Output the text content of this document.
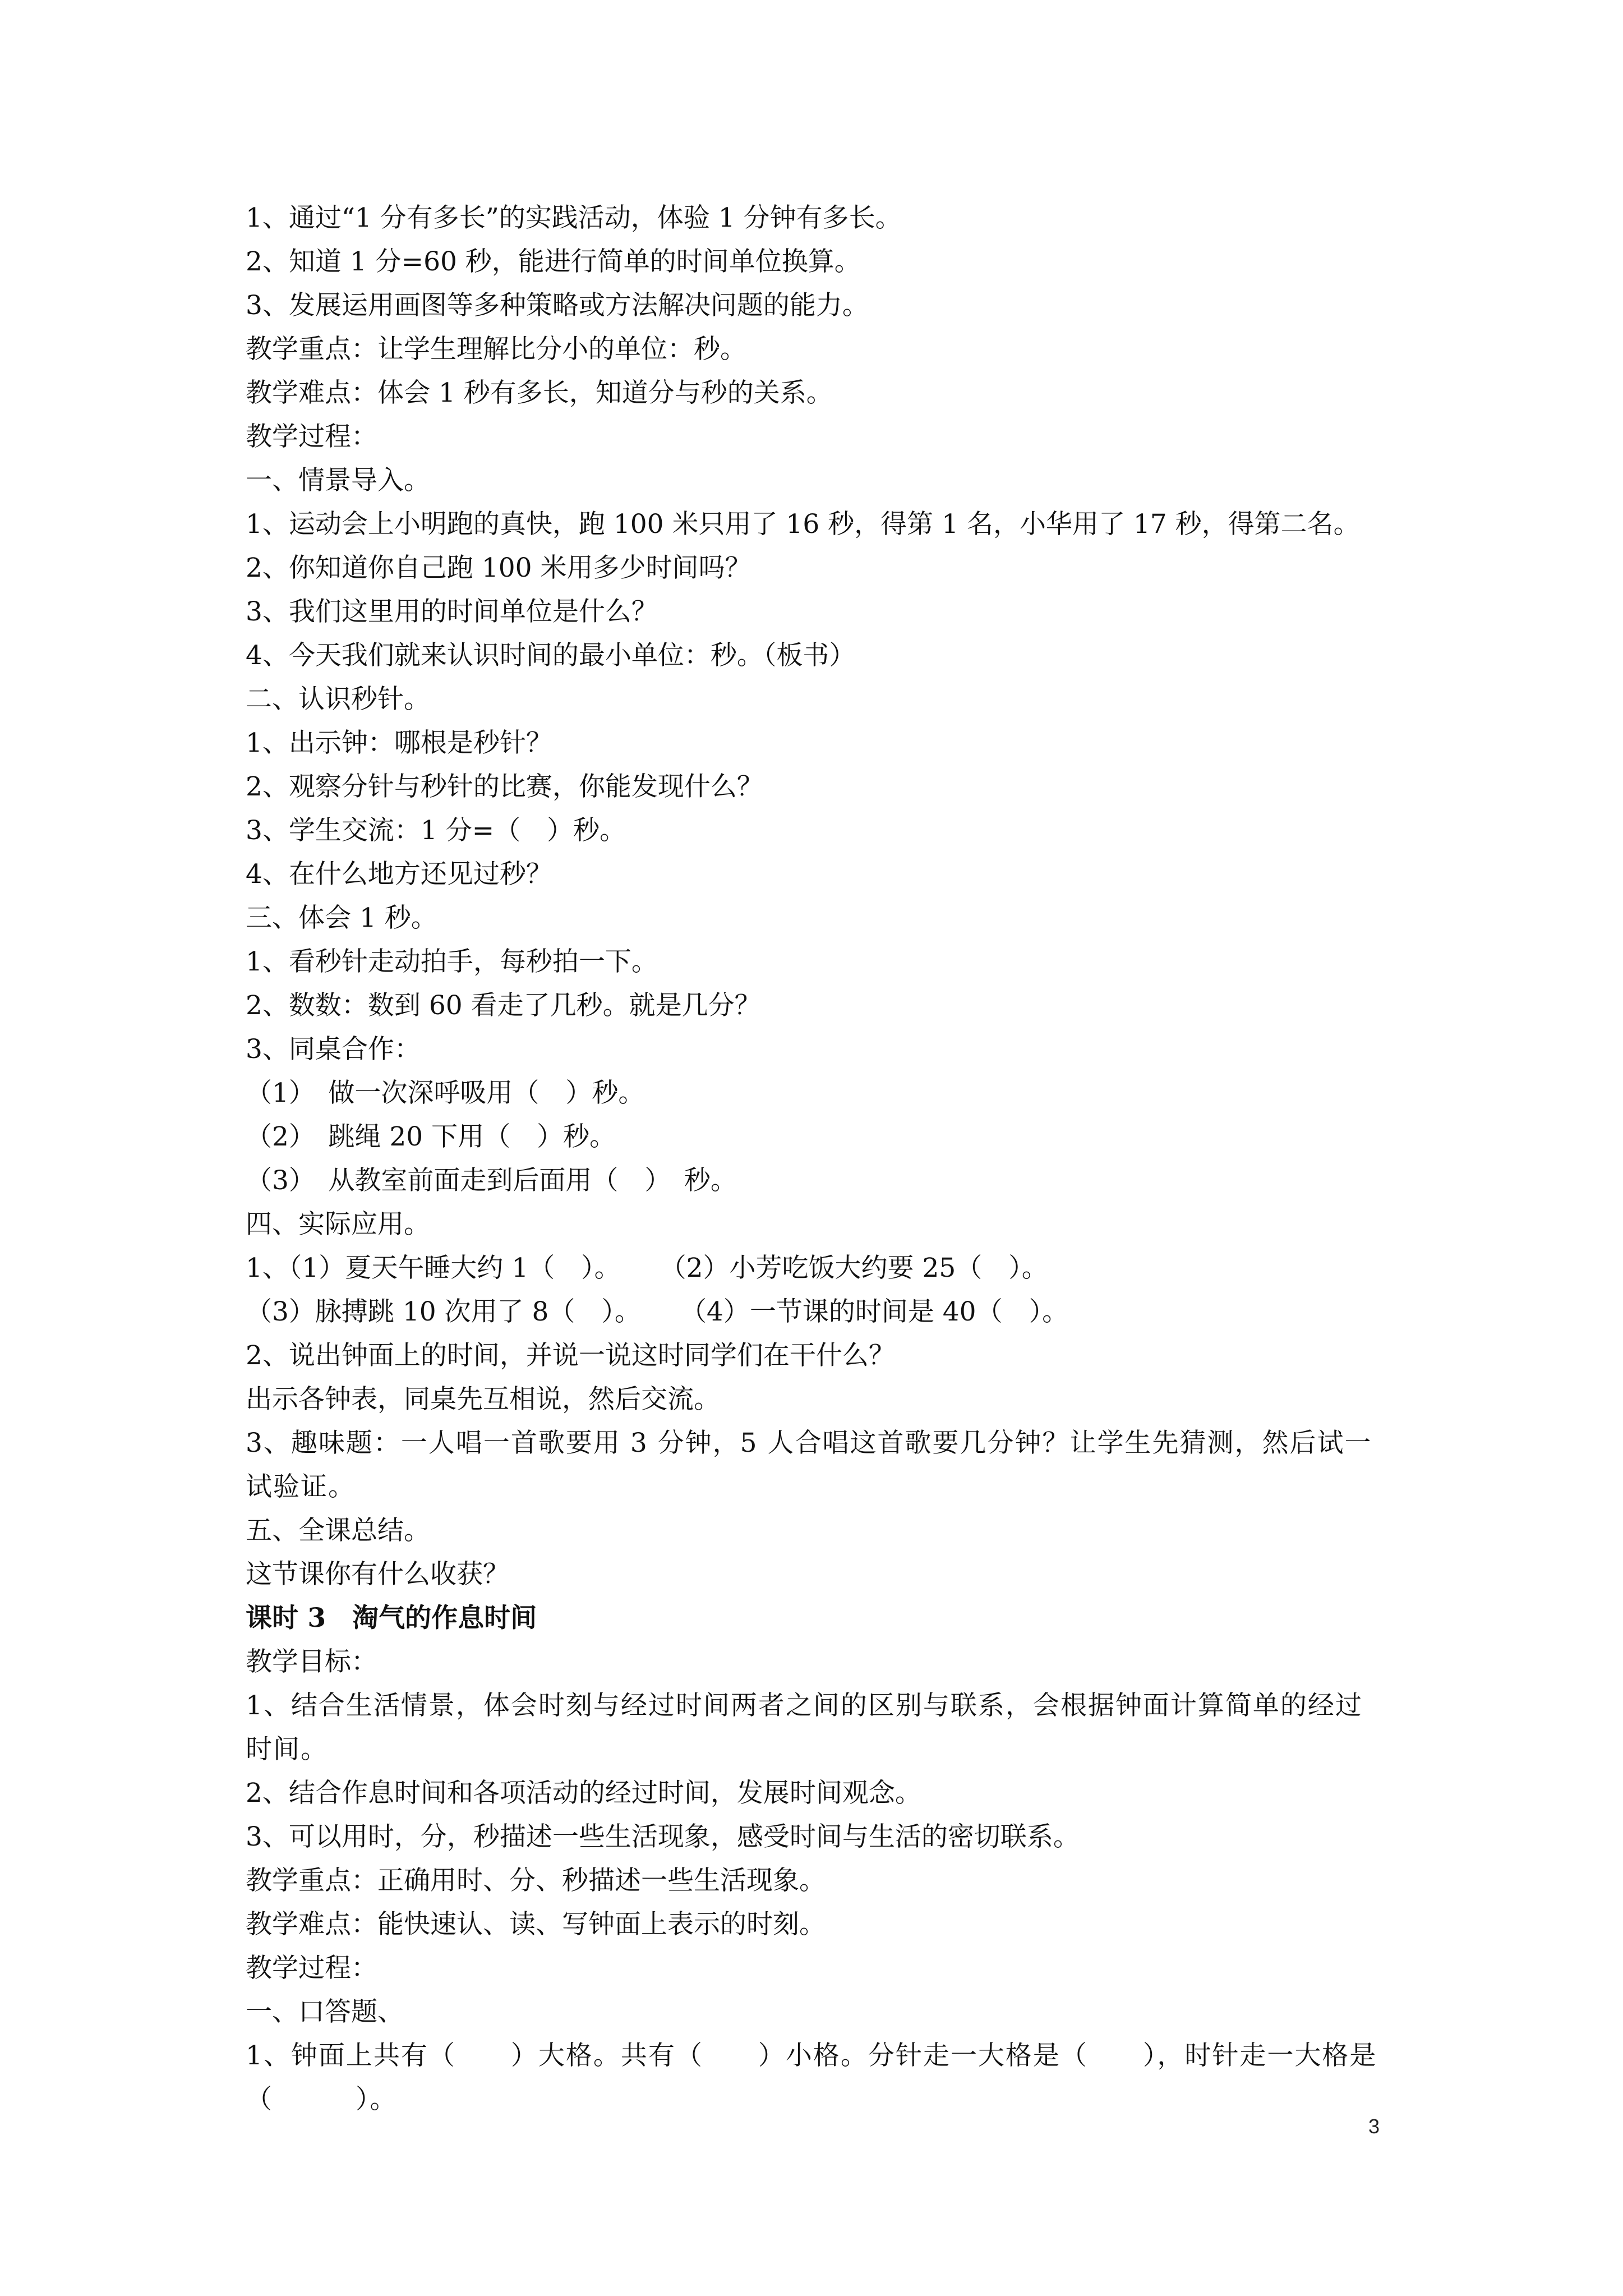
1、通过“1 分有多长”的实践活动，体验 1 分钟有多长。
2、知道 1 分=60 秒，能进行简单的时间单位换算。
3、发展运用画图等多种策略或方法解决问题的能力。
教学重点：让学生理解比分小的单位：秒。
教学难点：体会 1 秒有多长，知道分与秒的关系。
教学过程：
一、情景导入。
1、运动会上小明跑的真快，跑 100 米只用了 16 秒，得第 1 名，小华用了 17 秒，得第二名。
2、你知道你自己跑 100 米用多少时间吗？
3、我们这里用的时间单位是什么？
4、今天我们就来认识时间的最小单位：秒。（板书）
二、认识秒针。
1、出示钟：哪根是秒针？
2、观察分针与秒针的比赛，你能发现什么？
3、学生交流：1 分=（　）秒。
4、在什么地方还见过秒？
三、体会 1 秒。
1、看秒针走动拍手，每秒拍一下。
2、数数：数到 60 看走了几秒。就是几分？
3、同桌合作：
（1）　做一次深呼吸用（　）秒。
（2）　跳绳 20 下用（　）秒。
（3）　从教室前面走到后面用（　）　秒。
四、实际应用。
1、（1）夏天午睡大约 1（　）。 （2）小芳吃饭大约要 25（　）。
（3）脉搏跳 10 次用了 8（　）。 （4）一节课的时间是 40（　）。
2、说出钟面上的时间，并说一说这时同学们在干什么？
出示各钟表，同桌先互相说，然后交流。
3、趣味题：一人唱一首歌要用 3 分钟，5 人合唱这首歌要几分钟？让学生先猜测，然后试一试验证。
五、全课总结。
这节课你有什么收获？
课时 3　淘气的作息时间
教学目标：
1、结合生活情景，体会时刻与经过时间两者之间的区别与联系，会根据钟面计算简单的经过时间。
2、结合作息时间和各项活动的经过时间，发展时间观念。
3、可以用时，分，秒描述一些生活现象，感受时间与生活的密切联系。
教学重点：正确用时、分、秒描述一些生活现象。
教学难点：能快速认、读、写钟面上表示的时刻。
教学过程：
一、口答题、
1、钟面上共有（　　）大格。共有（　　）小格。分针走一大格是（　　），时针走一大格是（　　　）。
3
